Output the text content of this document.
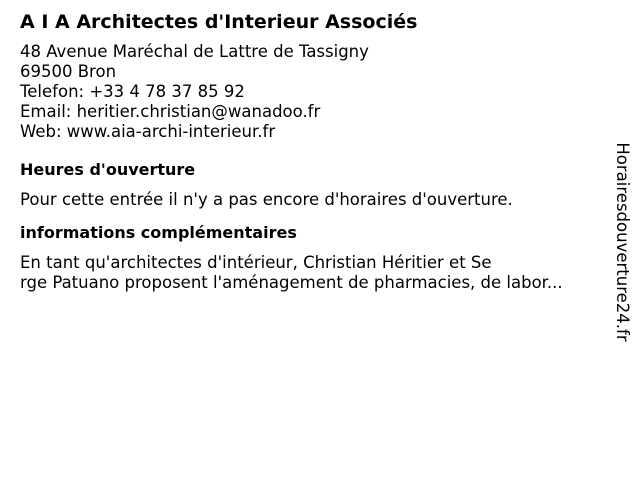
A I A Architectes d'Interieur Associés
48 Avenue Maréchal de Lattre de Tassigny
69500 Bron
Telefon: +33 4 78 37 85 92
Email: heritier.christian@wanadoo.fr
Web: www.aia-archi-interieur.fr
Heures d'ouverture
Pour cette entrée il n'y a pas encore d'horaires d'ouverture.
informations complémentaires
En tant qu'architectes d'intérieur, Christian Héritier et Se
rge Patuano proposent l'aménagement de pharmacies, de labor...	Horairesdouverture24.fr
